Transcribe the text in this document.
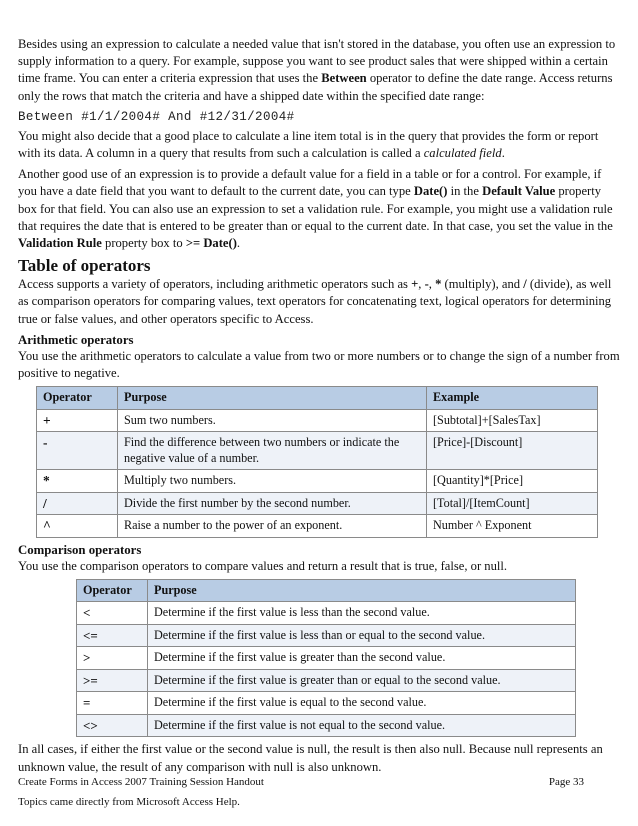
Besides using an expression to calculate a needed value that isn't stored in the database, you often use an expression to supply information to a query. For example, suppose you want to see product sales that were shipped within a certain time frame. You can enter a criteria expression that uses the Between operator to define the date range. Access returns only the rows that match the criteria and have a shipped date within the specified date range:

Between #1/1/2004# And #12/31/2004#

You might also decide that a good place to calculate a line item total is in the query that provides the form or report with its data. A column in a query that results from such a calculation is called a calculated field.

Another good use of an expression is to provide a default value for a field in a table or for a control. For example, if you have a date field that you want to default to the current date, you can type Date() in the Default Value property box for that field. You can also use an expression to set a validation rule. For example, you might use a validation rule that requires the date that is entered to be greater than or equal to the current date. In that case, you set the value in the Validation Rule property box to >= Date().

Table of operators

Access supports a variety of operators, including arithmetic operators such as +, -, * (multiply), and / (divide), as well as comparison operators for comparing values, text operators for concatenating text, logical operators for determining true or false values, and other operators specific to Access.

Arithmetic operators

You use the arithmetic operators to calculate a value from two or more numbers or to change the sign of a number from positive to negative.

Operator	Purpose	Example
+	Sum two numbers.	[Subtotal]+[SalesTax]
-	Find the difference between two numbers or indicate the negative value of a number.	[Price]-[Discount]
*	Multiply two numbers.	[Quantity]*[Price]
/	Divide the first number by the second number.	[Total]/[ItemCount]
^	Raise a number to the power of an exponent.	Number ^ Exponent
Comparison operators

You use the comparison operators to compare values and return a result that is true, false, or null.

Operator	Purpose
<	Determine if the first value is less than the second value.
<=	Determine if the first value is less than or equal to the second value.
>	Determine if the first value is greater than the second value.
>=	Determine if the first value is greater than or equal to the second value.
=	Determine if the first value is equal to the second value.
<>	Determine if the first value is not equal to the second value.

In all cases, if either the first value or the second value is null, the result is then also null. Because null represents an unknown value, the result of any comparison with null is also unknown.

Create Forms in Access 2007 Training Session Handout	Page 33
Topics came directly from Microsoft Access Help.
